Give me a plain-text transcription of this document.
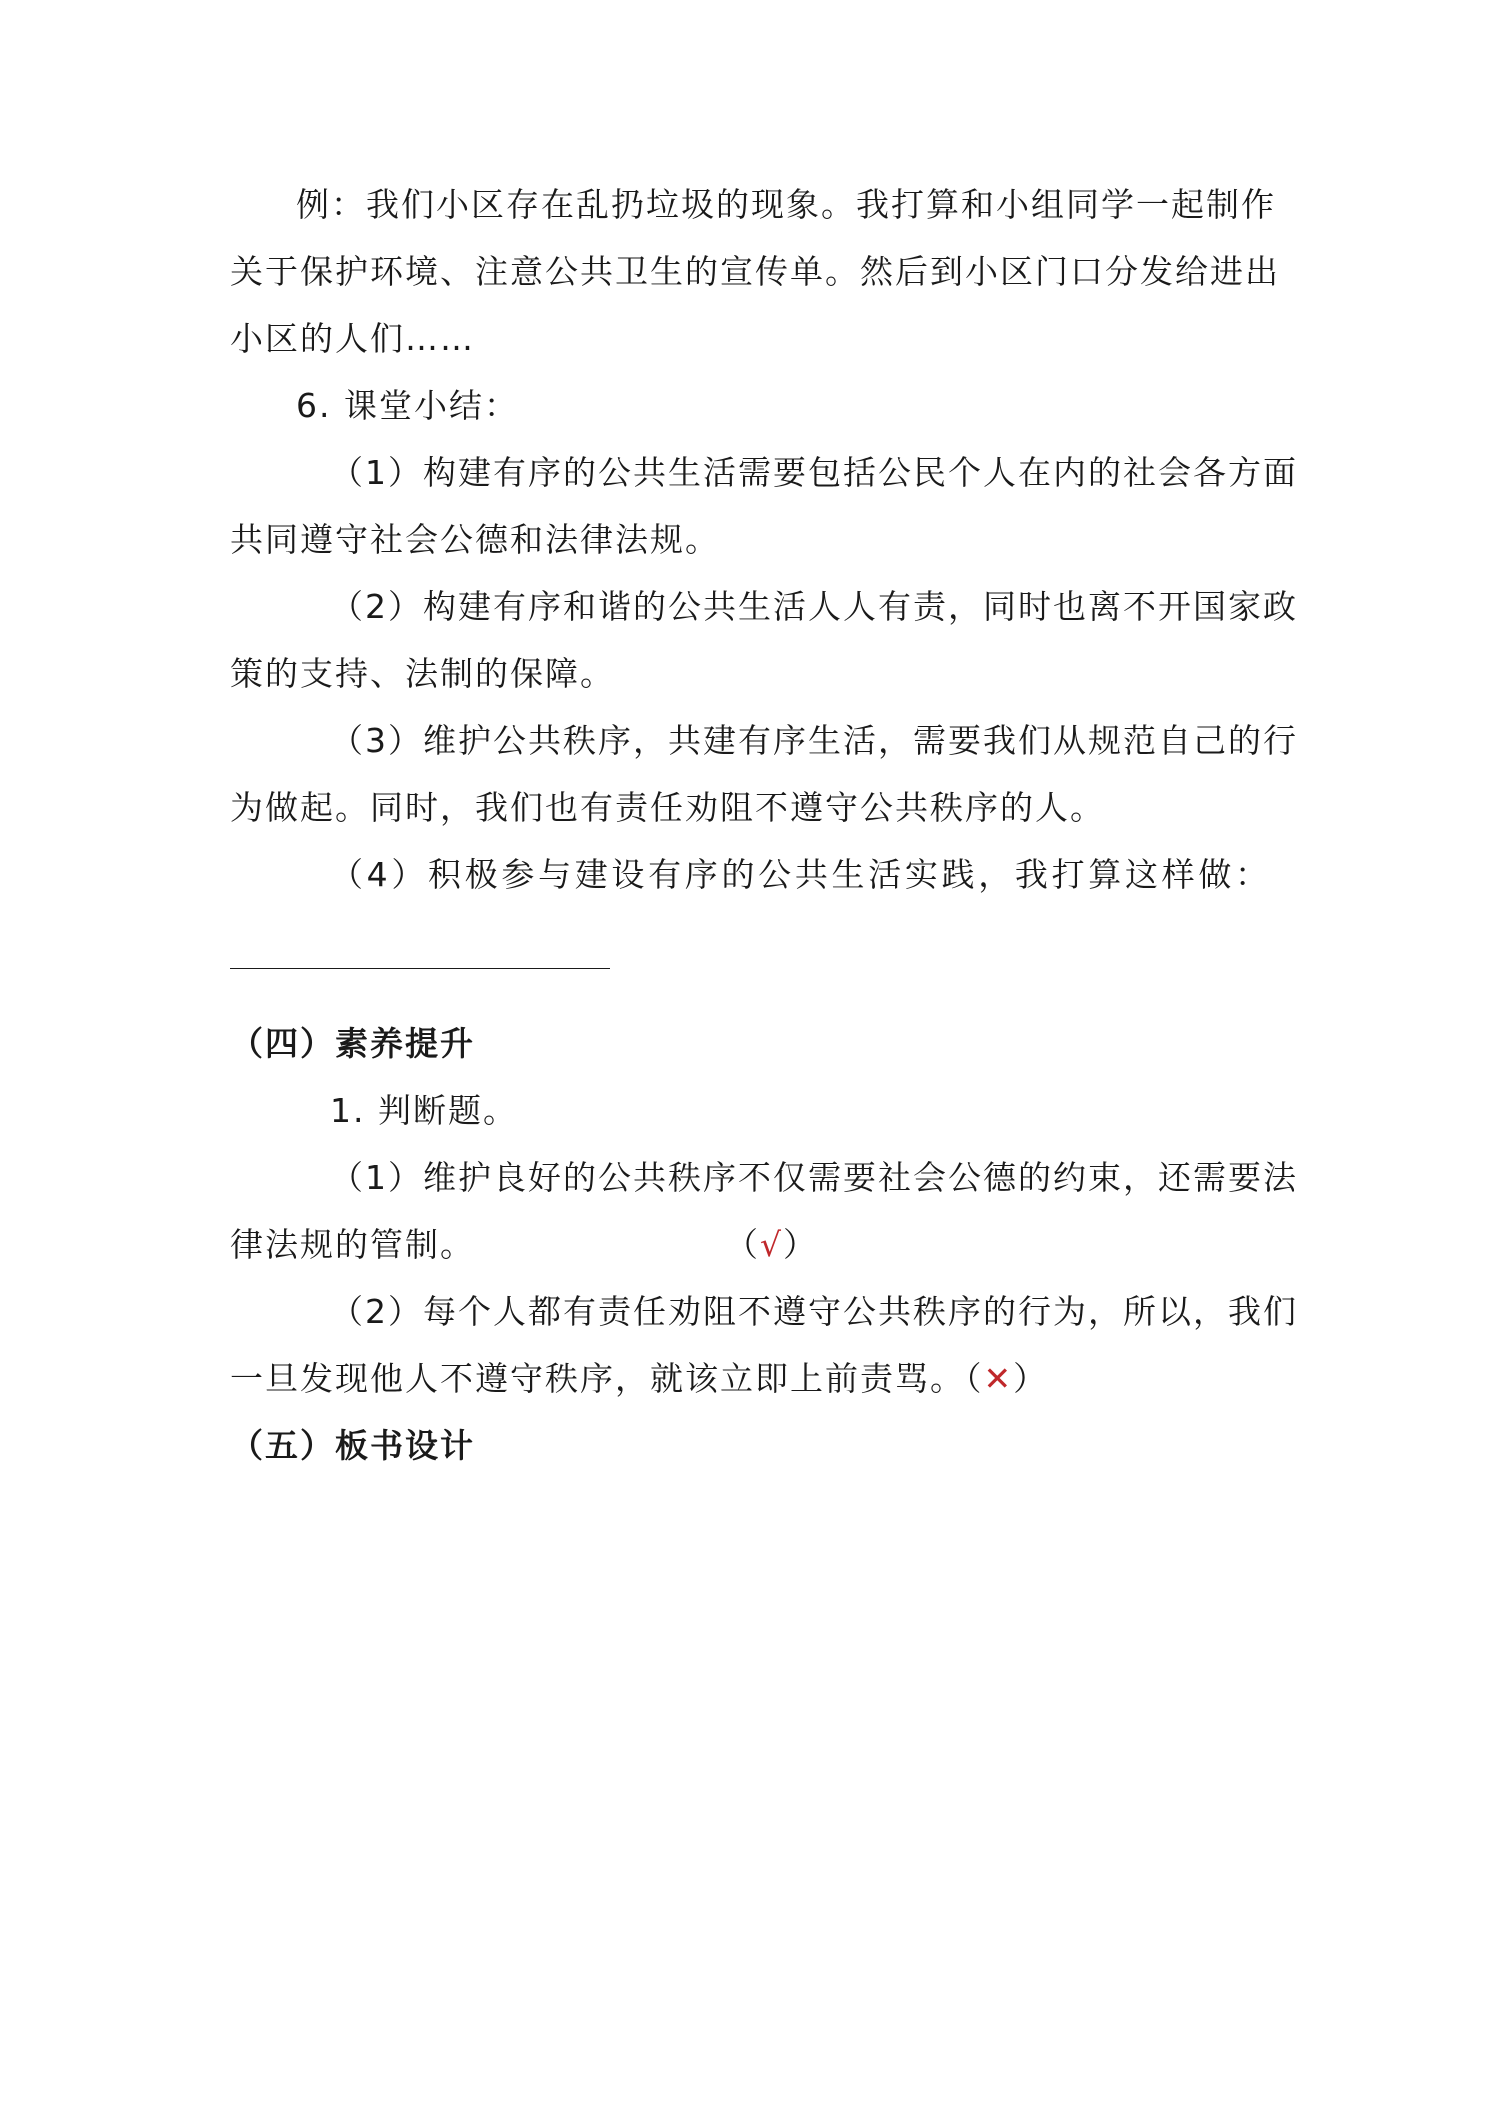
例：我们小区存在乱扔垃圾的现象。我打算和小组同学一起制作
关于保护环境、注意公共卫生的宣传单。然后到小区门口分发给进出
小区的人们……
6. 课堂小结：
（1）构建有序的公共生活需要包括公民个人在内的社会各方面
共同遵守社会公德和法律法规。
（2）构建有序和谐的公共生活人人有责，同时也离不开国家政
策的支持、法制的保障。
（3）维护公共秩序，共建有序生活，需要我们从规范自己的行
为做起。同时，我们也有责任劝阻不遵守公共秩序的人。
（4）积极参与建设有序的公共生活实践，我打算这样做：
（四）素养提升
1. 判断题。
（1）维护良好的公共秩序不仅需要社会公德的约束，还需要法
律法规的管制。	（√）
（2）每个人都有责任劝阻不遵守公共秩序的行为，所以，我们
一旦发现他人不遵守秩序，就该立即上前责骂。（✕）
（五）板书设计
